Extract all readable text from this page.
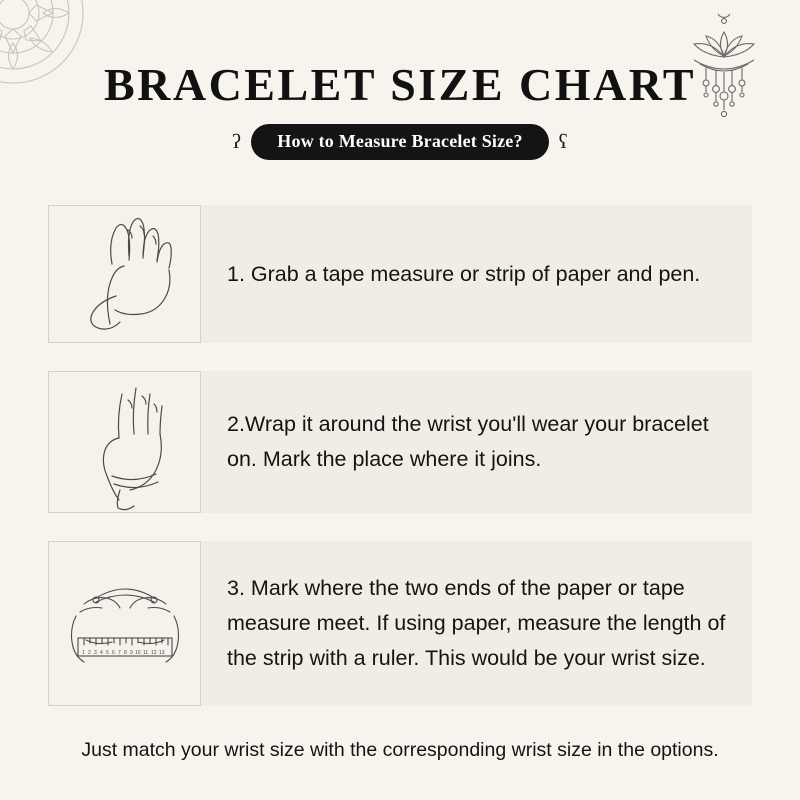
BRACELET SIZE CHART
ʕ	How to Measure Bracelet Size?	ʕ
1. Grab a tape measure or strip of paper and pen.
2.Wrap it around the wrist you'll wear your bracelet on. Mark the place where it joins.
1 2 3 4 5 6 7 8 9 10 11 12 13
3. Mark where the two ends of the paper or tape measure meet. If using paper, measure the length of the strip with a ruler. This would be your wrist size.
Just match your wrist size with the corresponding wrist size in the options.
